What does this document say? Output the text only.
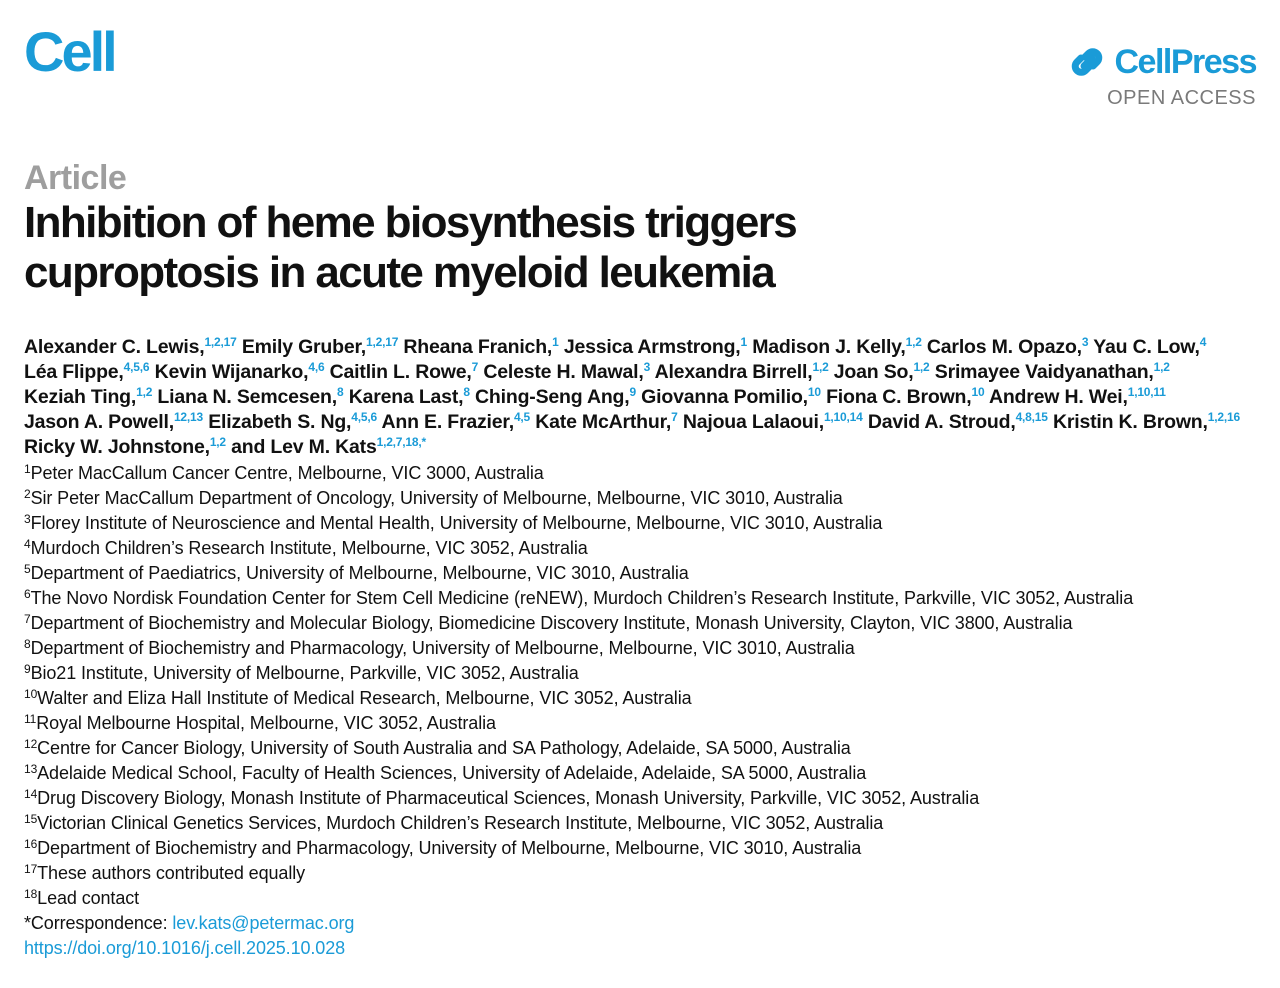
Cell	CellPress
OPEN ACCESS
Article
Inhibition of heme biosynthesis triggers cuproptosis in acute myeloid leukemia
Alexander C. Lewis,$^{1,2,17}$ Emily Gruber,$^{1,2,17}$ Rheana Franich,$^1$ Jessica Armstrong,$^1$ Madison J. Kelly,$^{1,2}$ Carlos M. Opazo,$^3$ Yau C. Low,$^4$ Léa Flippe,$^{4,5,6}$ Kevin Wijanarko,$^{4,6}$ Caitlin L. Rowe,$^7$ Celeste H. Mawal,$^3$ Alexandra Birrell,$^{1,2}$ Joan So,$^{1,2}$ Srimayee Vaidyanathan,$^{1,2}$ Keziah Ting,$^{1,2}$ Liana N. Semcesen,$^8$ Karena Last,$^8$ Ching-Seng Ang,$^9$ Giovanna Pomilio,$^{10}$ Fiona C. Brown,$^{10}$ Andrew H. Wei,$^{1,10,11}$ Jason A. Powell,$^{12,13}$ Elizabeth S. Ng,$^{4,5,6}$ Ann E. Frazier,$^{4,5}$ Kate McArthur,$^7$ Najoua Lalaoui,$^{1,10,14}$ David A. Stroud,$^{4,8,15}$ Kristin K. Brown,$^{1,2,16}$ Ricky W. Johnstone,$^{1,2}$ and Lev M. Kats$^{1,2,7,18,*}$
$^1$Peter MacCallum Cancer Centre, Melbourne, VIC 3000, Australia
$^2$Sir Peter MacCallum Department of Oncology, University of Melbourne, Melbourne, VIC 3010, Australia
$^3$Florey Institute of Neuroscience and Mental Health, University of Melbourne, Melbourne, VIC 3010, Australia
$^4$Murdoch Children’s Research Institute, Melbourne, VIC 3052, Australia
$^5$Department of Paediatrics, University of Melbourne, Melbourne, VIC 3010, Australia
$^6$The Novo Nordisk Foundation Center for Stem Cell Medicine (reNEW), Murdoch Children’s Research Institute, Parkville, VIC 3052, Australia
$^7$Department of Biochemistry and Molecular Biology, Biomedicine Discovery Institute, Monash University, Clayton, VIC 3800, Australia
$^8$Department of Biochemistry and Pharmacology, University of Melbourne, Melbourne, VIC 3010, Australia
$^9$Bio21 Institute, University of Melbourne, Parkville, VIC 3052, Australia
$^{10}$Walter and Eliza Hall Institute of Medical Research, Melbourne, VIC 3052, Australia
$^{11}$Royal Melbourne Hospital, Melbourne, VIC 3052, Australia
$^{12}$Centre for Cancer Biology, University of South Australia and SA Pathology, Adelaide, SA 5000, Australia
$^{13}$Adelaide Medical School, Faculty of Health Sciences, University of Adelaide, Adelaide, SA 5000, Australia
$^{14}$Drug Discovery Biology, Monash Institute of Pharmaceutical Sciences, Monash University, Parkville, VIC 3052, Australia
$^{15}$Victorian Clinical Genetics Services, Murdoch Children’s Research Institute, Melbourne, VIC 3052, Australia
$^{16}$Department of Biochemistry and Pharmacology, University of Melbourne, Melbourne, VIC 3010, Australia
$^{17}$These authors contributed equally
$^{18}$Lead contact
*Correspondence: lev.kats@petermac.org
https://doi.org/10.1016/j.cell.2025.10.028
